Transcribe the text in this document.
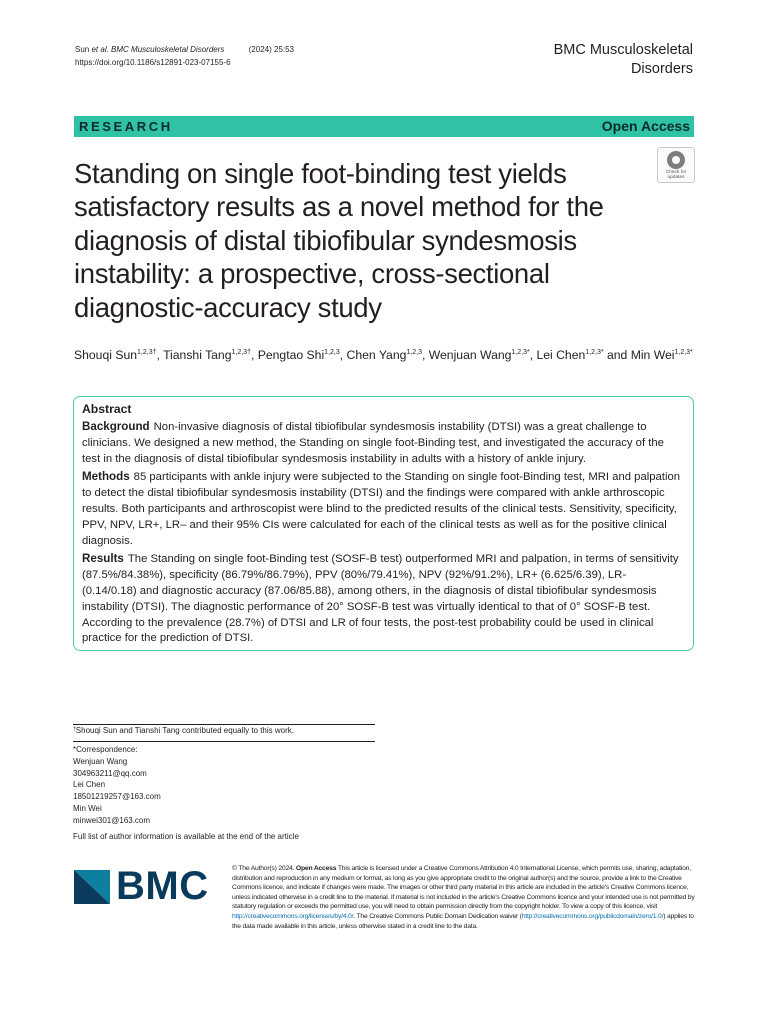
Sun et al. BMC Musculoskeletal Disorders	(2024) 25:53
https://doi.org/10.1186/s12891-023-07155-6
BMC Musculoskeletal
Disorders
RESEARCH	Open Access
Check for
updates
Standing on single foot-binding test yields satisfactory results as a novel method for the diagnosis of distal tibiofibular syndesmosis instability: a prospective, cross-sectional diagnostic-accuracy study
Shouqi Sun$^{1,2,3\dagger}$, Tianshi Tang$^{1,2,3\dagger}$, Pengtao Shi$^{1,2,3}$, Chen Yang$^{1,2,3}$, Wenjuan Wang$^{1,2,3*}$, Lei Chen$^{1,2,3*}$ and Min Wei$^{1,2,3*}$
Abstract
Background Non-invasive diagnosis of distal tibiofibular syndesmosis instability (DTSI) was a great challenge to clinicians. We designed a new method, the Standing on single foot-Binding test, and investigated the accuracy of the test in the diagnosis of distal tibiofibular syndesmosis instability in adults with a history of ankle injury.
Methods 85 participants with ankle injury were subjected to the Standing on single foot-Binding test, MRI and palpation to detect the distal tibiofibular syndesmosis instability (DTSI) and the findings were compared with ankle arthroscopic results. Both participants and arthroscopist were blind to the predicted results of the clinical tests. Sensitivity, specificity, PPV, NPV, LR+, LR– and their 95% CIs were calculated for each of the clinical tests as well as for the positive clinical diagnosis.
Results The Standing on single foot-Binding test (SOSF-B test) outperformed MRI and palpation, in terms of sensitivity (87.5%/84.38%), specificity (86.79%/86.79%), PPV (80%/79.41%), NPV (92%/91.2%), LR+ (6.625/6.39), LR- (0.14/0.18) and diagnostic accuracy (87.06/85.88), among others, in the diagnosis of distal tibiofibular syndesmosis instability (DTSI). The diagnostic performance of 20° SOSF-B test was virtually identical to that of 0° SOSF-B test. According to the prevalence (28.7%) of DTSI and LR of four tests, the post-test probability could be used in clinical practice for the prediction of DTSI.
†Shouqi Sun and Tianshi Tang contributed equally to this work.
*Correspondence:
Wenjuan Wang
304963211@qq.com
Lei Chen
18501219257@163.com
Min Wei
minwei301@163.com
Full list of author information is available at the end of the article
BMC	© The Author(s) 2024. Open Access This article is licensed under a Creative Commons Attribution 4.0 International License, which permits use, sharing, adaptation, distribution and reproduction in any medium or format, as long as you give appropriate credit to the original author(s) and the source, provide a link to the Creative Commons licence, and indicate if changes were made. The images or other third party material in this article are included in the article's Creative Commons licence, unless indicated otherwise in a credit line to the material. If material is not included in the article's Creative Commons licence and your intended use is not permitted by statutory regulation or exceeds the permitted use, you will need to obtain permission directly from the copyright holder. To view a copy of this licence, visit http://creativecommons.org/licenses/by/4.0/. The Creative Commons Public Domain Dedication waiver (http://creativecommons.org/publicdomain/zero/1.0/) applies to the data made available in this article, unless otherwise stated in a credit line to the data.
